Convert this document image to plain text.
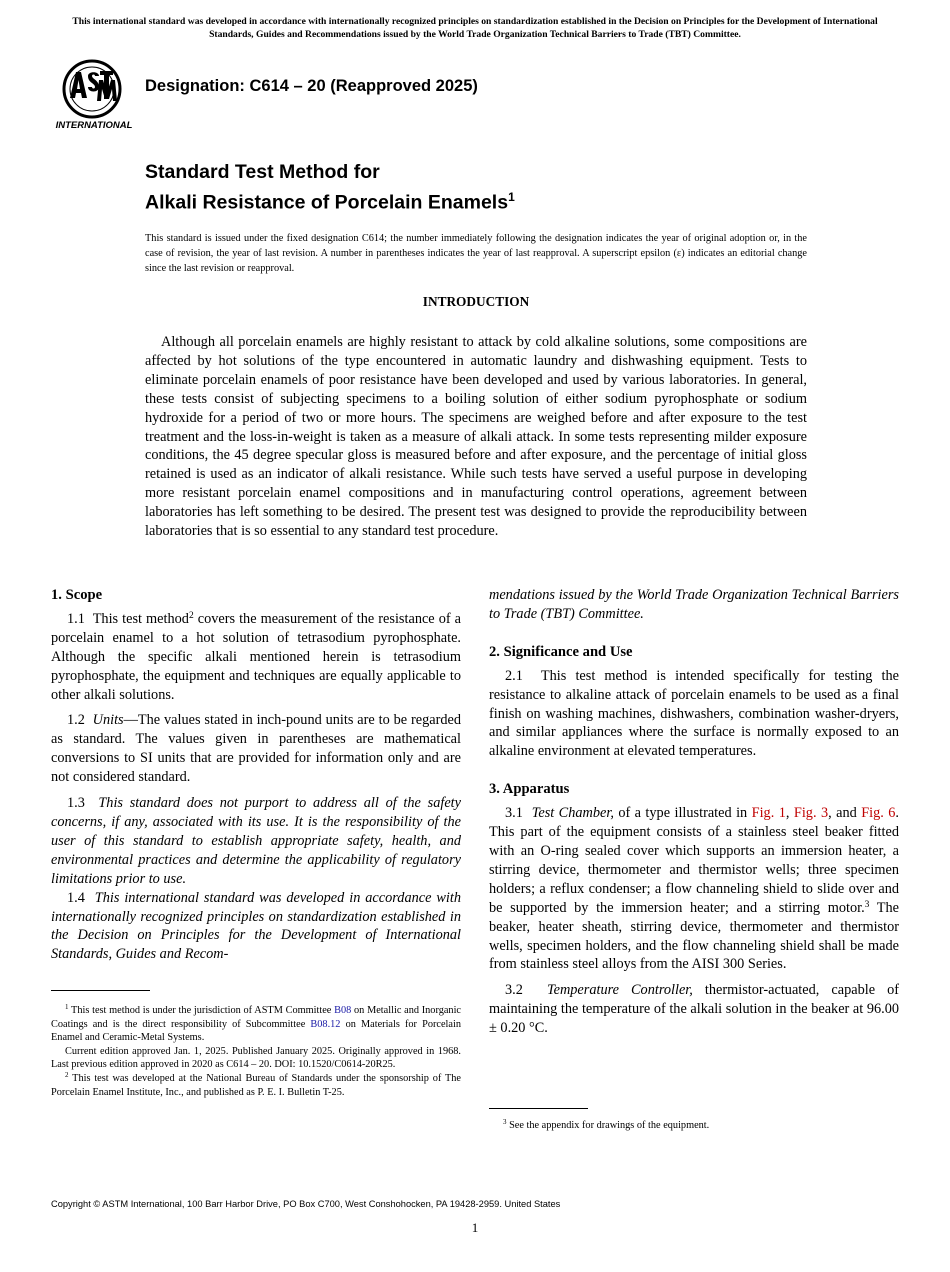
This international standard was developed in accordance with internationally recognized principles on standardization established in the Decision on Principles for the Development of International Standards, Guides and Recommendations issued by the World Trade Organization Technical Barriers to Trade (TBT) Committee.
INTERNATIONAL
Designation: C614 – 20 (Reapproved 2025)
Standard Test Method for
Alkali Resistance of Porcelain Enamels$^1$
This standard is issued under the fixed designation C614; the number immediately following the designation indicates the year of original adoption or, in the case of revision, the year of last revision. A number in parentheses indicates the year of last reapproval. A superscript epsilon (ε) indicates an editorial change since the last revision or reapproval.
INTRODUCTION

Although all porcelain enamels are highly resistant to attack by cold alkaline solutions, some compositions are affected by hot solutions of the type encountered in automatic laundry and dishwashing equipment. Tests to eliminate porcelain enamels of poor resistance have been developed and used by various laboratories. In general, these tests consist of subjecting specimens to a boiling solution of either sodium pyrophosphate or sodium hydroxide for a period of two or more hours. The specimens are weighed before and after exposure to the test treatment and the loss-in-weight is taken as a measure of alkali attack. In some tests representing milder exposure conditions, the 45 degree specular gloss is measured before and after exposure, and the percentage of initial gloss retained is used as an indicator of alkali resistance. While such tests have served a useful purpose in developing more resistant porcelain enamel compositions and in manufacturing control operations, agreement between laboratories has left something to be desired. The present test was designed to provide the reproducibility between laboratories that is so essential to any standard test procedure.

1. Scope

1.1 This test method$^2$ covers the measurement of the resistance of a porcelain enamel to a hot solution of tetrasodium pyrophosphate. Although the specific alkali mentioned herein is tetrasodium pyrophosphate, the equipment and techniques are equally applicable to other alkali solutions.

1.2 Units—The values stated in inch-pound units are to be regarded as standard. The values given in parentheses are mathematical conversions to SI units that are provided for information only and are not considered standard.

1.3 This standard does not purport to address all of the safety concerns, if any, associated with its use. It is the responsibility of the user of this standard to establish appropriate safety, health, and environmental practices and determine the applicability of regulatory limitations prior to use.

1.4 This international standard was developed in accordance with internationally recognized principles on standardization established in the Decision on Principles for the Development of International Standards, Guides and Recom-

$^1$ This test method is under the jurisdiction of ASTM Committee B08 on Metallic and Inorganic Coatings and is the direct responsibility of Subcommittee B08.12 on Materials for Porcelain Enamel and Ceramic-Metal Systems.

Current edition approved Jan. 1, 2025. Published January 2025. Originally approved in 1968. Last previous edition approved in 2020 as C614 – 20. DOI: 10.1520/C0614-20R25.

$^2$ This test was developed at the National Bureau of Standards under the sponsorship of The Porcelain Enamel Institute, Inc., and published as P. E. I. Bulletin T-25.

mendations issued by the World Trade Organization Technical Barriers to Trade (TBT) Committee.

2. Significance and Use

2.1 This test method is intended specifically for testing the resistance to alkaline attack of porcelain enamels to be used as a final finish on washing machines, dishwashers, combination washer-dryers, and similar appliances where the surface is normally exposed to an alkaline environment at elevated temperatures.

3. Apparatus

3.1 Test Chamber, of a type illustrated in Fig. 1, Fig. 3, and Fig. 6. This part of the equipment consists of a stainless steel beaker fitted with an O-ring sealed cover which supports an immersion heater, a stirring device, thermometer and thermistor wells; three specimen holders; a reflux condenser; a flow channeling shield to slide over and be supported by the immersion heater; and a stirring motor.$^3$ The beaker, heater sheath, stirring device, thermometer and thermistor wells, specimen holders, and the flow channeling shield shall be made from stainless steel alloys from the AISI 300 Series.

3.2 Temperature Controller, thermistor-actuated, capable of maintaining the temperature of the alkali solution in the beaker at 96.00 ± 0.20 °C.

$^3$ See the appendix for drawings of the equipment.

Copyright © ASTM International, 100 Barr Harbor Drive, PO Box C700, West Conshohocken, PA 19428-2959. United States
1
